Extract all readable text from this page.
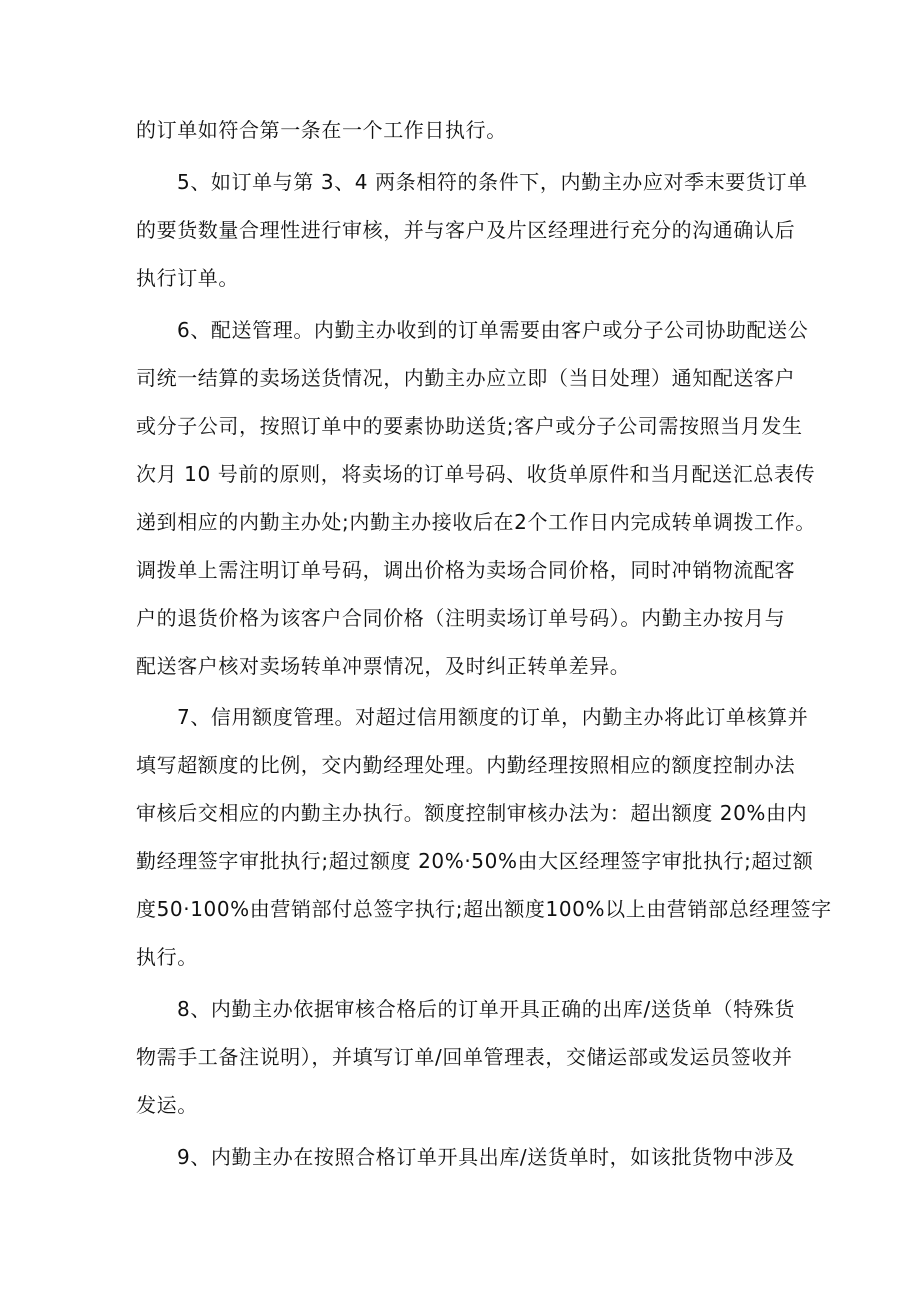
的订单如符合第一条在一个工作日执行。
5、如订单与第 3、4 两条相符的条件下，内勤主办应对季末要货订单
的要货数量合理性进行审核，并与客户及片区经理进行充分的沟通确认后
执行订单。
6、配送管理。内勤主办收到的订单需要由客户或分子公司协助配送公
司统一结算的卖场送货情况，内勤主办应立即（当日处理）通知配送客户
或分子公司，按照订单中的要素协助送货;客户或分子公司需按照当月发生
次月 10 号前的原则，将卖场的订单号码、收货单原件和当月配送汇总表传
递到相应的内勤主办处;内勤主办接收后在2个工作日内完成转单调拨工作。
调拨单上需注明订单号码，调出价格为卖场合同价格，同时冲销物流配客
户的退货价格为该客户合同价格（注明卖场订单号码）。内勤主办按月与
配送客户核对卖场转单冲票情况，及时纠正转单差异。
7、信用额度管理。对超过信用额度的订单，内勤主办将此订单核算并
填写超额度的比例，交内勤经理处理。内勤经理按照相应的额度控制办法
审核后交相应的内勤主办执行。额度控制审核办法为：超出额度 20%由内
勤经理签字审批执行;超过额度 20%·50%由大区经理签字审批执行;超过额
度50·100%由营销部付总签字执行;超出额度100%以上由营销部总经理签字
执行。
8、内勤主办依据审核合格后的订单开具正确的出库/送货单（特殊货
物需手工备注说明），并填写订单/回单管理表，交储运部或发运员签收并
发运。
9、内勤主办在按照合格订单开具出库/送货单时，如该批货物中涉及
